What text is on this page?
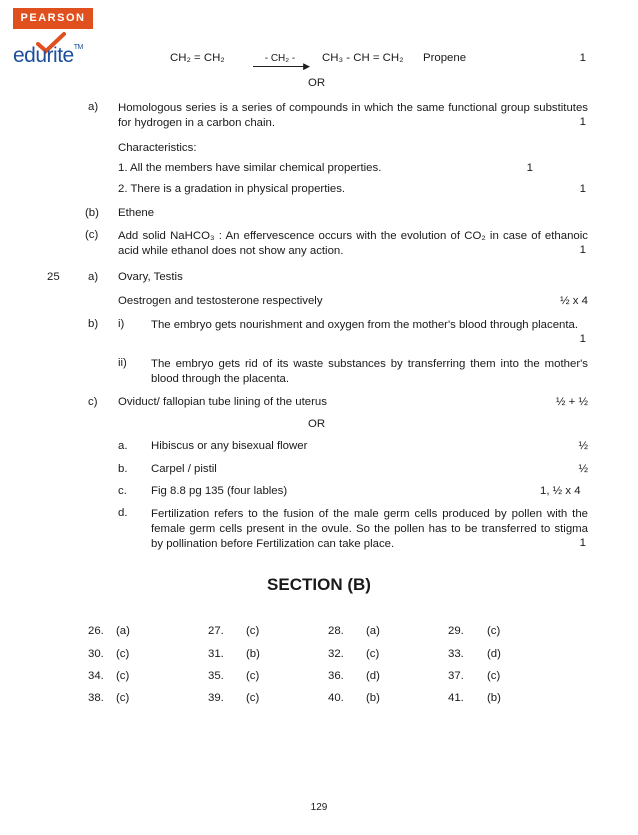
PEARSON
edurite™
CH₂ = CH₂	- CH₂ -
▶
CH₃ - CH = CH₂ Propene	1
OR
a) Homologous series is a series of compounds in which the same functional group substitutes for hydrogen in a carbon chain.	1
Characteristics:
1. All the members have similar chemical properties.	1
2. There is a gradation in physical properties.	1
(b) Ethene
(c) Add solid NaHCO₃ : An effervescence occurs with the evolution of CO₂ in case of ethanoic acid while ethanol does not show any action.	1
25 a) Ovary, Testis
Oestrogen and testosterone respectively	½ x 4
b) i) The embryo gets nourishment and oxygen from the mother's blood through placenta.
1
ii) The embryo gets rid of its waste substances by transferring them into the mother's blood through the placenta.
c) Oviduct/ fallopian tube lining of the uterus	½ + ½
OR
a. Hibiscus or any bisexual flower	½
b. Carpel / pistil	½
c. Fig 8.8 pg 135 (four lables)	1, ½ x 4
d. Fertilization refers to the fusion of the male germ cells produced by pollen with the female germ cells present in the ovule. So the pollen has to be transferred to stigma by pollination before Fertilization can take place.	1
SECTION (B)
26. (a)	27. (c)	28. (a)	29. (c)
30. (c)	31. (b)	32. (c)	33. (d)
34. (c)	35. (c)	36. (d)	37. (c)
38. (c)	39. (c)	40. (b)	41. (b)
129
